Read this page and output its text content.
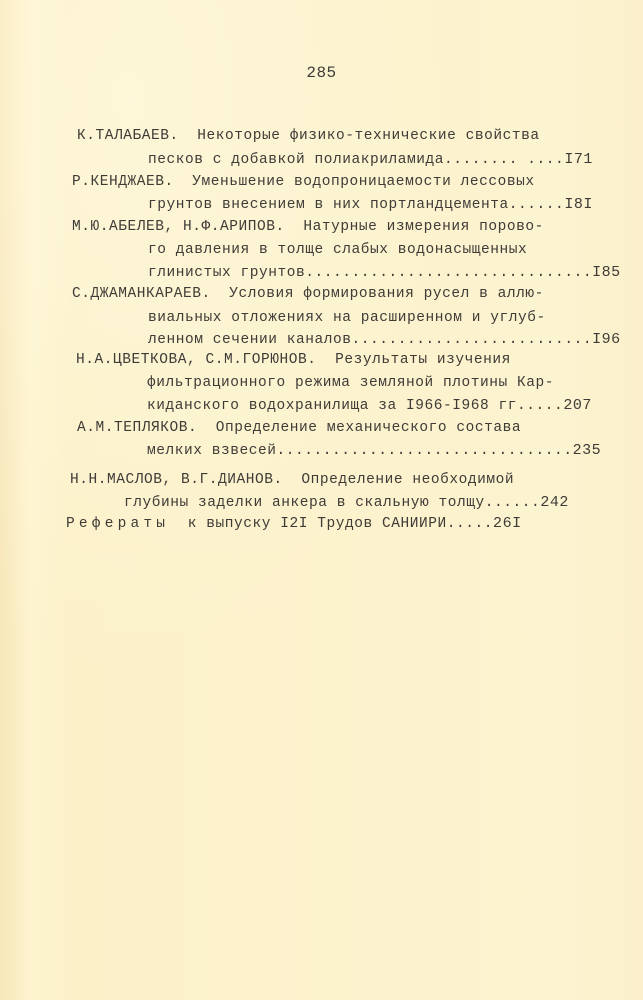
285
К.ТАЛАБАЕВ. Некоторые физико-технические свойства
песков с добавкой полиакриламида........ ....I71
Р.КЕНДЖАЕВ. Уменьшение водопроницаемости лессовых
грунтов внесением в них портландцемента......I8I
М.Ю.АБЕЛЕВ, Н.Ф.АРИПОВ. Натурные измерения порово-
го давления в толще слабых водонасыщенных
глинистых грунтов...............................I85
С.ДЖАМАНКАРАЕВ. Условия формирования русел в аллю-
виальных отложениях на расширенном и углуб-
ленном сечении каналов..........................I96
Н.А.ЦВЕТКОВА, С.М.ГОРЮНОВ. Результаты изучения
фильтрационного режима земляной плотины Кар-
киданского водохранилища за I966-I968 гг.....207
А.М.ТЕПЛЯКОВ. Определение механического состава
мелких взвесей................................235
Н.Н.МАСЛОВ, В.Г.ДИАНОВ. Определение необходимой
глубины заделки анкера в скальную толщу......242
Рефераты к выпуску I2I Трудов САНИИРИ.....26I
